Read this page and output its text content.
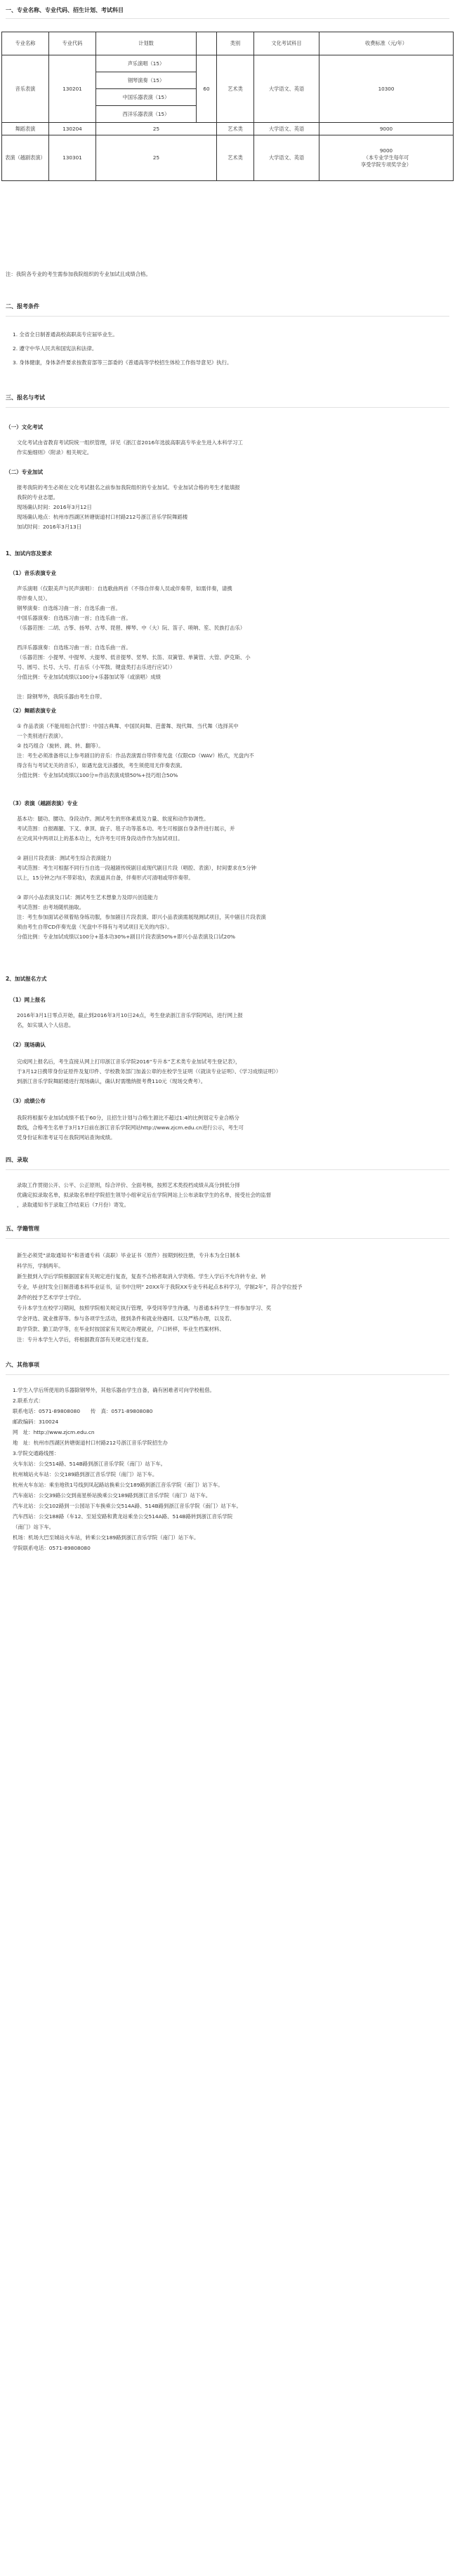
一、专业名称、专业代码、招生计划、考试科目
专业名称	专业代码	计划数		类别	文化考试科目	收费标准（元/年）
音乐表演	130201	声乐演唱（15）	60	艺术类	大学语文、英语	10300
		钢琴演奏（15）				
		中国乐器表演（15）				
		西洋乐器表演（15）				
舞蹈表演	130204	25		艺术类	大学语文、英语	9000
表演（越剧表演）	130301	25		艺术类	大学语文、英语	9000
（本专业学生每年可
享受学院专项奖学金）
注：我院各专业的考生需参加我院组织的专业加试且成绩合格。
二、报考条件
1. 全省全日制普通高校高职高专应届毕业生。
2. 遵守中华人民共和国宪法和法律。
3. 身体健康，身体条件要求按教育部等三部委的《普通高等学校招生体检工作指导意见》执行。
三、报名与考试
（一）文化考试
文化考试由省教育考试院统一组织管理，详见《浙江省2016年选拔高职高专毕业生进入本科学习工
作实施细则》（附录）相关规定。
（二）专业加试
报考我院的考生必须在文化考试报名之前参加我院组织的专业加试。专业加试合格的考生才能填报
我院的专业志愿。
现场确认时间：2016年3月12日
现场确认地点：杭州市西湖区转塘街道村口村路212号浙江音乐学院舞蹈楼
加试时间：2016年3月13日
1、加试内容及要求
（1）音乐表演专业
声乐演唱（仅限美声与民声演唱）：自选歌曲两首（不得自伴奏人员或伴奏带，如需伴奏，请携
带伴奏人员）。
钢琴演奏：自选练习曲一首；自选乐曲一首。
中国乐器演奏：自选练习曲一首；自选乐曲一首。
（乐器范围：二胡、古筝、扬琴、古琴、琵琶、柳琴、中（大）阮、笛子、唢呐、笙、民族打击乐）
西洋乐器演奏：自选练习曲一首；自选乐曲一首。
（乐器范围：小提琴、中提琴、大提琴、低音提琴、竖琴、长笛、双簧管、单簧管、大管、萨克斯、小
号、圆号、长号、大号、打击乐（小军鼓、键盘类打击乐进行应试））
分值比例：专业加试成绩以100分+乐器加试等（或演唱）成绩
注：除钢琴外，我院乐器由考生自带。
（2）舞蹈表演专业
① 作品表演（不能用组合代替）：中国古典舞、中国民间舞、芭蕾舞、现代舞、当代舞（选择其中
一个类别进行表演）。
② 技巧组合（旋转、跳、转、翻等）。
注：考生必须准备将以上参考剧目的音乐：作品表演需自带伴奏光盘（仅限CD（WAV）格式，光盘内不
得含有与考试无关的音乐），如遇光盘无法播放，考生须使用无伴奏表演。
分值比例：专业加试成绩以100分=作品表演成绩50%+技巧组合50%
（3）表演（越剧表演）专业
基本功：腿功、腰功、身段动作。测试考生的形体素质及力量、软度和动作协调性。
考试范围：自报踢腿、下叉、拿顶、旋子、毯子功等基本功。考生可根据自身条件进行展示，并
在完成其中两项以上的基本功上，允许考生可将身段动作作为加试项目。
② 剧目片段表演：测试考生综合表演能力
考试范围：考生可根据不同行当自选一段越剧传统剧目或现代剧目片段（唱腔、表演），时间要求在5分钟
以上，15分钟之内(不带彩妆)，表演道具自备，伴奏形式可清唱或带伴奏带。
③ 即兴小品表演及口试：测试考生艺术想象力及即兴创造能力
考试范围：由考场随机抽取。
注：考生参加面试必须着贴身练功服，参加剧目片段表演、即兴小品表演需展现测试项目，其中剧目片段表演
须由考生自带CD伴奏光盘（光盘中不得有与考试项目无关的内容）。
分值比例：专业加试成绩以100分+基本功30%+剧目片段表演50%+即兴小品表演及口试20%
2、加试报名方式
（1）网上报名
2016年3月1日零点开始，截止到2016年3月10日24点，考生登录浙江音乐学院网站，进行网上报
名，如实填入个人信息。
（2）现场确认
完成网上报名后，考生直接从网上打印浙江音乐学院2016“专升本”艺术类专业加试考生登记表》，
于3月12日携带身份证原件及复印件、学校教务部门加盖公章的在校学生证明（《就读专业证明》、《学习成绩证明》）
到浙江音乐学院舞蹈楼进行现场确认，确认时需缴纳报考费110元（现场交费考）。
（3）成绩公布
我院将根据专业加试成绩不低于60分，且招生计划与合格生源比不超过1:4的比例划定专业合格分
数线，合格考生名单于3月17日前在浙江音乐学院网站http://www.zjcm.edu.cn进行公示，考生可
凭身份证和准考证号在我院网站查询成绩。
四、录取
录取工作贯彻公开、公平、公正原则，综合评价、全面考核，按照艺术类投档成绩从高分到低分择
优确定拟录取名单，拟录取名单经学院招生领导小组审定后在学院网站上公布录取学生的名单，接受社会的监督
，录取通知书于录取工作结束后（7月份）寄发。
五、学籍管理
新生必须凭“录取通知书”和普通专科（高职）毕业证书（原件）按期到校注册，专升本为全日制本
科学历，学制两年。
新生报到入学后学院根据国家有关规定进行复查，复查不合格者取消入学资格。学生入学后不允许转专业、转
专业，毕业时发全日制普通本科毕业证书，证书中注明“ 20XX年于我院XX专业专科起点本科学习，学制2年”，符合学位授予
条件的授予艺术学学士学位。
专升本学生在校学习期间，按照学院相关规定执行管理，享受同等学生待遇，与普通本科学生一样参加学习、奖
学金评选、就业推荐等。参与各项学生活动，报到条件和就业待遇同。以及严格办理，以及若、
助学贷款、勤工助学等，在毕业时按国家有关规定办理就业，户口转移，毕业生档案材料、
注：专升本学生入学后，将根据教育部有关规定进行复查。
六、其他事项
1.学生入学后所使用的乐器除钢琴外，其他乐器由学生自备，确有困难者可向学校租借。
2.联系方式：
联系电话：0571-89808080　　传　真：0571-89808080
邮政编码：310024
网　址：http://www.zjcm.edu.cn
地　址：杭州市西湖区转塘街道村口村路212号浙江音乐学院招生办
3.学院交通路线图：
火车东站：公交514路、514B路到浙江音乐学院（南门）站下车。
杭州城站火车站：公交189路到浙江音乐学院（南门）站下车。
杭州火车东站：乘坐地铁1号线到凤起路站换乘公交189路到浙江音乐学院（南门）站下车。
汽车南站：公交39路公交到南星桥站换乘公交189路到浙江音乐学院（南门）站下车。
汽车北站：公交102路到一公园站下车换乘公交514A路、514B路到浙江音乐学院（南门）站下车。
汽车西站：公交188路（车12、至延安路和黄龙站乘坐公交514A路、514B路转到浙江音乐学院
（南门）站下车。
机场：机场大巴至城站火车站，转乘公交189路到浙江音乐学院（南门）站下车。
学院联系电话：0571-89808080
